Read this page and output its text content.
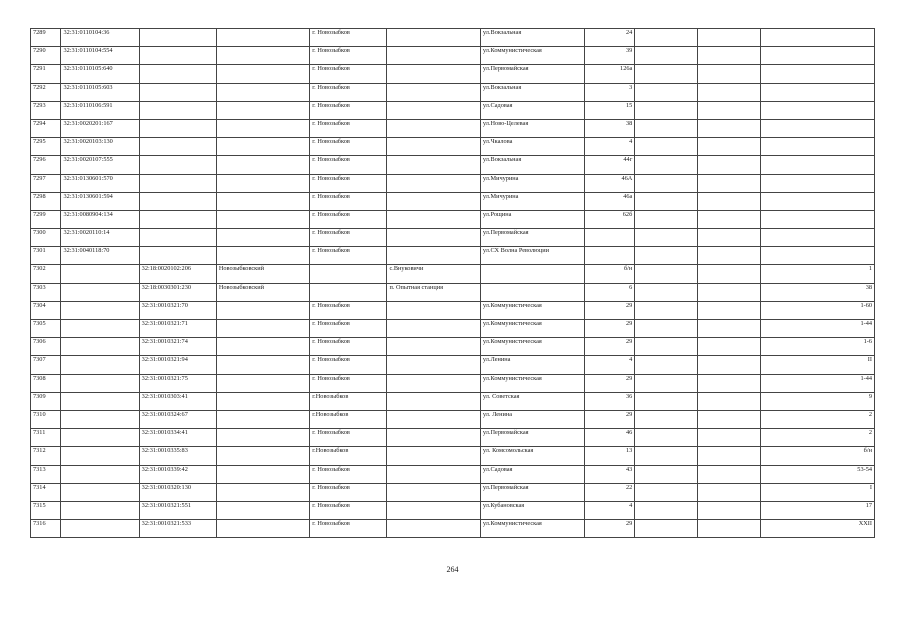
7289	32:31:0110104:36			г. Новозыбков		ул.Вокзальная	24			
7290	32:31:0110104:554			г. Новозыбков		ул.Коммунистическая	39			
7291	32:31:0110105:640			г. Новозыбков		ул.Первомайская	126а			
7292	32:31:0110105:603			г. Новозыбков		ул.Вокзальная	3			
7293	32:31:0110106:591			г. Новозыбков		ул.Садовая	15			
7294	32:31:0020201:167			г. Новозыбков		ул.Ново-Целевая	38			
7295	32:31:0020103:130			г. Новозыбков		ул.Чкалова	4			
7296	32:31:0020107:555			г. Новозыбков		ул.Вокзальная	44г			
7297	32:31:0130601:570			г. Новозыбков		ул.Мичурина	46А			
7298	32:31:0130601:594			г. Новозыбков		ул.Мичурина	46а			
7299	32:31:0080904:134			г. Новозыбков		ул.Рощина	62б			
7300	32:31:0020110:14			г. Новозыбков		ул.Первомайская				
7301	32:31:0040118:70			г. Новозыбков		ул.СХ Волна Революции				
7302		32:18:0020102:206	Новозыбковский		с.Внуковичи		б/н			1
7303		32:18:0030301:230	Новозыбковский		п. Опытная станция		6			38
7304		32:31:0010321:70		г. Новозыбков		ул.Коммунистическая	29			1-60
7305		32:31:0010321:71		г. Новозыбков		ул.Коммунистическая	29			1-44
7306		32:31:0010321:74		г. Новозыбков		ул.Коммунистическая	29			1-6
7307		32:31:0010321:94		г. Новозыбков		ул.Ленина	4			II
7308		32:31:0010321:75		г. Новозыбков		ул.Коммунистическая	29			1-44
7309		32:31:0010303:41		г.Новозыбков		ул. Советская	36			9
7310		32:31:0010324:67		г.Новозыбков		ул. Ленина	29			2
7311		32:31:0010334:41		г. Новозыбков		ул.Первомайская	46			2
7312		32:31:0010335:83		г.Новозыбков		ул. Комсомольская	13			б/н
7313		32:31:0010339:42		г. Новозыбков		ул.Садовая	43			53-54
7314		32:31:0010320:130		г. Новозыбков		ул.Первомайская	22			I
7315		32:31:0010321:551		г. Новозыбков		ул.Кубановская	4			17
7316		32:31:0010321:533		г. Новозыбков		ул.Коммунистическая	29			XXII
264
